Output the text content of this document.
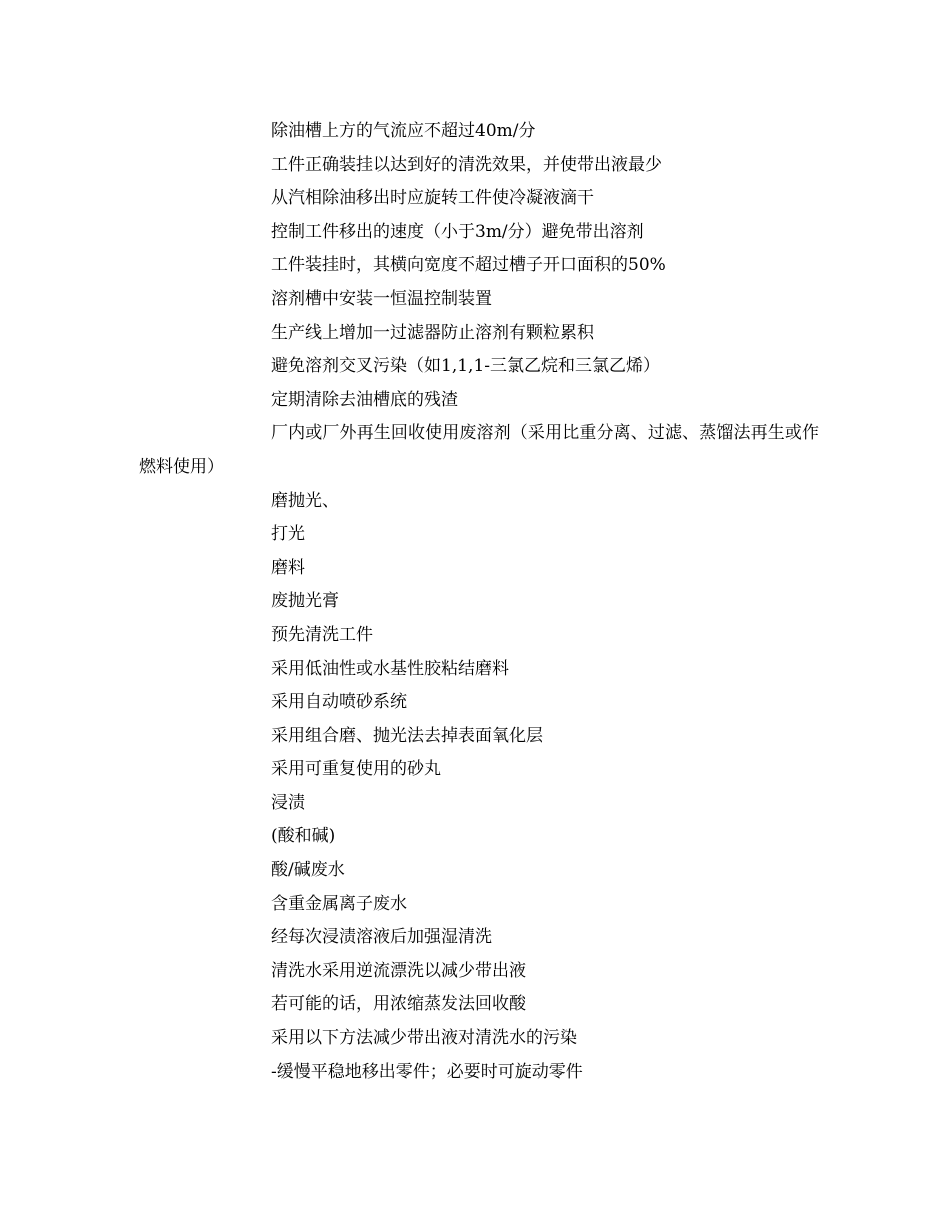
除油槽上方的气流应不超过40m/分
工件正确装挂以达到好的清洗效果，并使带出液最少
从汽相除油移出时应旋转工件使冷凝液滴干
控制工件移出的速度（小于3m/分）避免带出溶剂
工件装挂时，其横向宽度不超过槽子开口面积的50%
溶剂槽中安装一恒温控制装置
生产线上增加一过滤器防止溶剂有颗粒累积
避免溶剂交叉污染（如1,1,1-三氯乙烷和三氯乙烯）
定期清除去油槽底的残渣
厂内或厂外再生回收使用废溶剂（采用比重分离、过滤、蒸馏法再生或作燃料使用）
磨抛光、
打光
磨料
废抛光膏
预先清洗工件
采用低油性或水基性胶粘结磨料
采用自动喷砂系统
采用组合磨、抛光法去掉表面氧化层
采用可重复使用的砂丸
浸渍
(酸和碱)
酸/碱废水
含重金属离子废水
经每次浸渍溶液后加强湿清洗
清洗水采用逆流漂洗以减少带出液
若可能的话，用浓缩蒸发法回收酸
采用以下方法减少带出液对清洗水的污染
-缓慢平稳地移出零件；必要时可旋动零件
